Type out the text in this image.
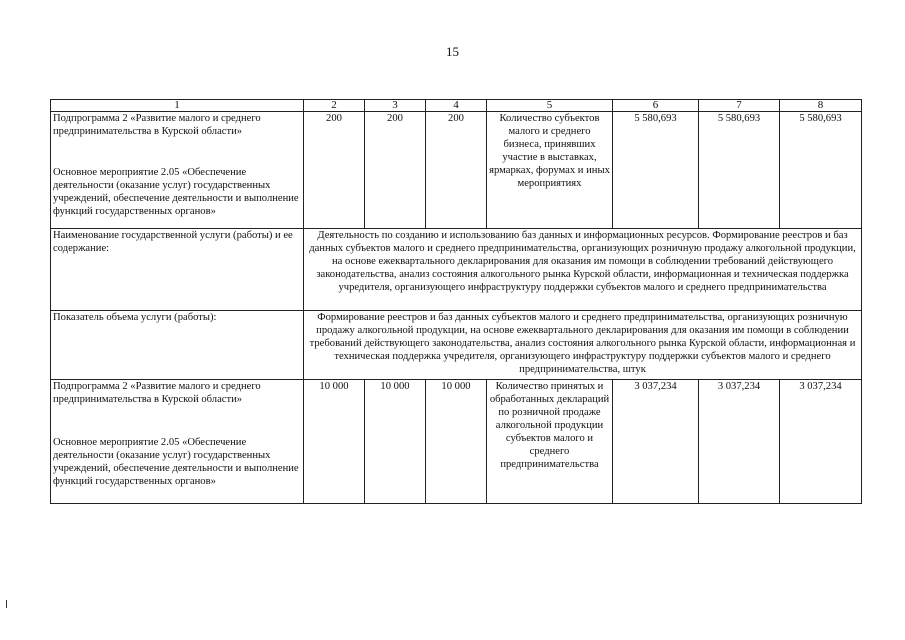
15
1	2	3	4	5	6	7	8

Подпрограмма 2 «Развитие малого и среднего предпринимательства в Курской области»
Основное мероприятие 2.05 «Обеспечение деятельности (оказание услуг) государственных учреждений, обеспечение деятельности и выполнение функций государственных органов»	200	200	200	Количество субъектов малого и среднего бизнеса, принявших участие в выставках, ярмарках, форумах и иных мероприятиях	5 580,693	5 580,693	5 580,693
Наименование государственной услуги (работы) и ее содержание:	Деятельность по созданию и использованию баз данных и информационных ресурсов. Формирование реестров и баз данных субъектов малого и среднего предпринимательства, организующих розничную продажу алкогольной продукции, на основе ежеквартального декларирования для оказания им помощи в соблюдении требований действующего законодательства, анализ состояния алкогольного рынка Курской области, информационная и техническая поддержка учредителя, организующего инфраструктуру поддержки субъектов малого и среднего предпринимательства						
Показатель объема услуги (работы):	Формирование реестров и баз данных субъектов малого и среднего предпринимательства, организующих розничную продажу алкогольной продукции, на основе ежеквартального декларирования для оказания им помощи в соблюдении требований действующего законодательства, анализ состояния алкогольного рынка Курской области, информационная и техническая поддержка учредителя, организующего инфраструктуру поддержки субъектов малого и среднего предпринимательства, штук						

Подпрограмма 2 «Развитие малого и среднего предпринимательства в Курской области»
Основное мероприятие 2.05 «Обеспечение деятельности (оказание услуг) государственных учреждений, обеспечение деятельности и выполнение функций государственных органов»	10 000	10 000	10 000	Количество принятых и обработанных деклараций по розничной продаже алкогольной продукции субъектов малого и среднего предпринимательства	3 037,234	3 037,234	3 037,234
